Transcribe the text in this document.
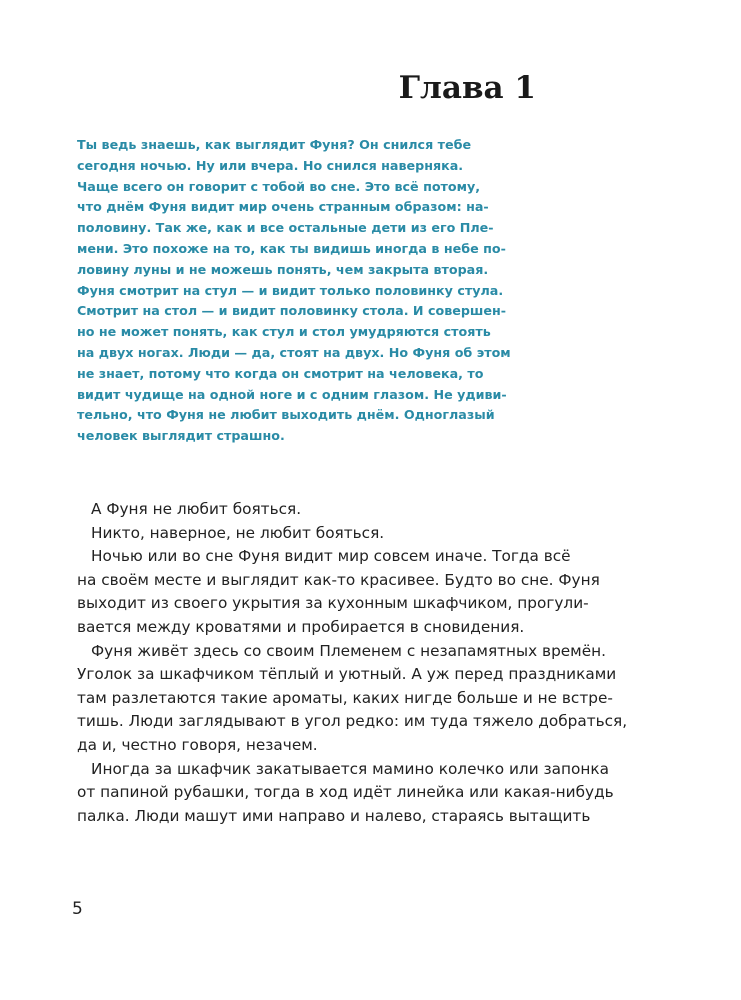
Глава 1
Ты ведь знаешь, как выглядит Фуня? Он снился тебе
сегодня ночью. Ну или вчера. Но снился наверняка.
Чаще всего он говорит с тобой во сне. Это всё потому,
что днём Фуня видит мир очень странным образом: на-
половину. Так же, как и все остальные дети из его Пле-
мени. Это похоже на то, как ты видишь иногда в небе по-
ловину луны и не можешь понять, чем закрыта вторая.
Фуня смотрит на стул — и видит только половинку стула.
Смотрит на стол — и видит половинку стола. И совершен-
но не может понять, как стул и стол умудряются стоять
на двух ногах. Люди — да, стоят на двух. Но Фуня об этом
не знает, потому что когда он смотрит на человека, то
видит чудище на одной ноге и с одним глазом. Не удиви-
тельно, что Фуня не любит выходить днём. Одноглазый
человек выглядит страшно.
А Фуня не любит бояться.
Никто, наверное, не любит бояться.
Ночью или во сне Фуня видит мир совсем иначе. Тогда всё
на своём месте и выглядит как-то красивее. Будто во сне. Фуня
выходит из своего укрытия за кухонным шкафчиком, прогули-
вается между кроватями и пробирается в сновидения.
Фуня живёт здесь со своим Племенем с незапамятных времён.
Уголок за шкафчиком тёплый и уютный. А уж перед праздниками
там разлетаются такие ароматы, каких нигде больше и не встре-
тишь. Люди заглядывают в угол редко: им туда тяжело добраться,
да и, честно говоря, незачем.
Иногда за шкафчик закатывается мамино колечко или запонка
от папиной рубашки, тогда в ход идёт линейка или какая-нибудь
палка. Люди машут ими направо и налево, стараясь вытащить
5
